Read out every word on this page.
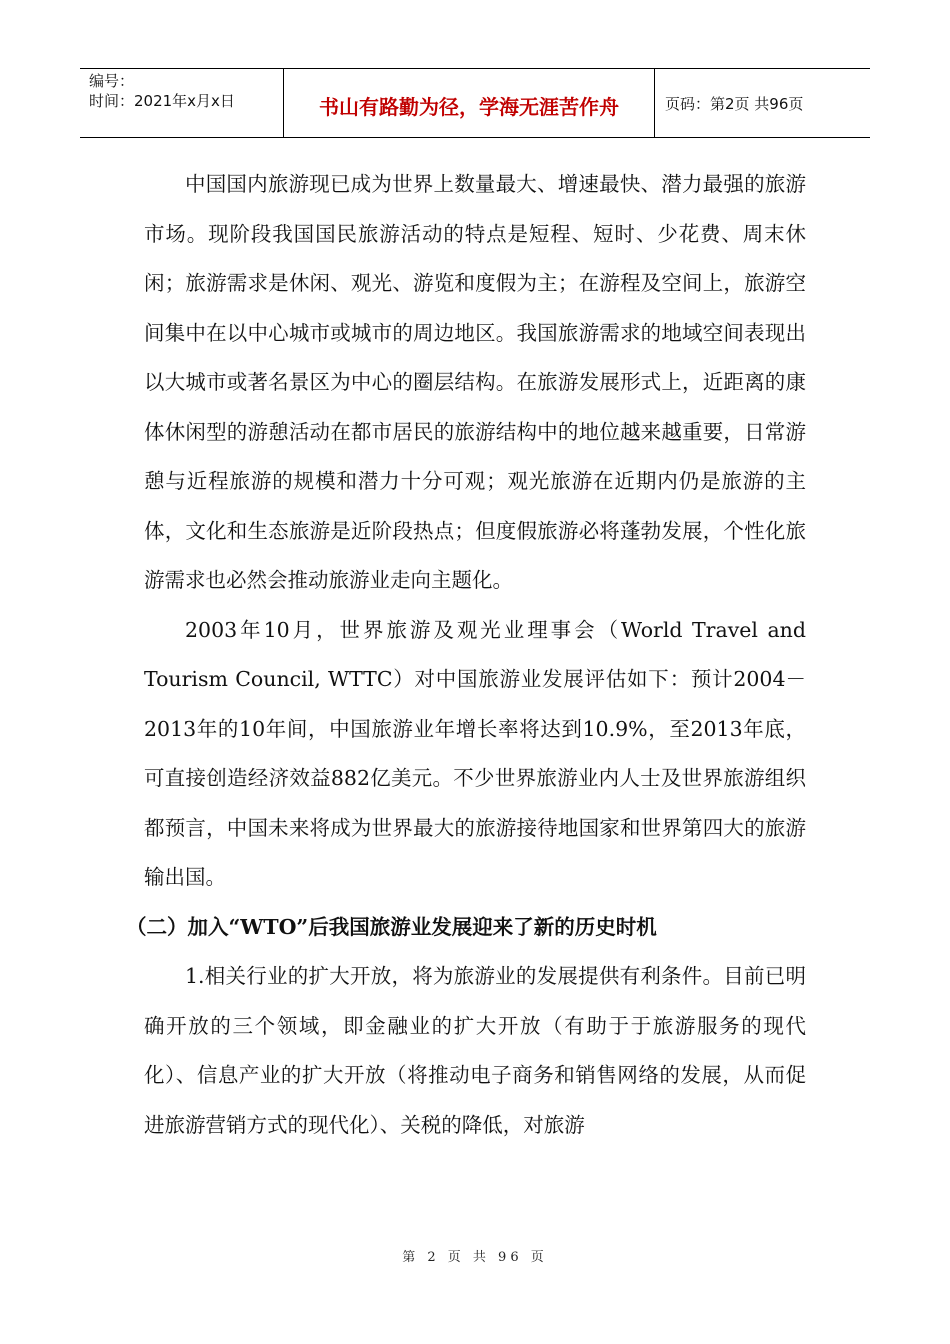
编号：
时间：2021年x月x日	书山有路勤为径，学海无涯苦作舟	页码：第2页 共96页

中国国内旅游现已成为世界上数量最大、增速最快、潜力最强的旅游市场。现阶段我国国民旅游活动的特点是短程、短时、少花费、周末休闲；旅游需求是休闲、观光、游览和度假为主；在游程及空间上，旅游空间集中在以中心城市或城市的周边地区。我国旅游需求的地域空间表现出以大城市或著名景区为中心的圈层结构。在旅游发展形式上，近距离的康体休闲型的游憩活动在都市居民的旅游结构中的地位越来越重要，日常游憩与近程旅游的规模和潜力十分可观；观光旅游在近期内仍是旅游的主体，文化和生态旅游是近阶段热点；但度假旅游必将蓬勃发展，个性化旅游需求也必然会推动旅游业走向主题化。

2003年10月，世界旅游及观光业理事会（World Travel and Tourism Council, WTTC）对中国旅游业发展评估如下：预计2004－2013年的10年间，中国旅游业年增长率将达到10.9%，至2013年底，可直接创造经济效益882亿美元。不少世界旅游业内人士及世界旅游组织都预言，中国未来将成为世界最大的旅游接待地国家和世界第四大的旅游输出国。

（二）加入“WTO”后我国旅游业发展迎来了新的历史时机

1.相关行业的扩大开放，将为旅游业的发展提供有利条件。目前已明确开放的三个领域，即金融业的扩大开放（有助于于旅游服务的现代化）、信息产业的扩大开放（将推动电子商务和销售网络的发展，从而促进旅游营销方式的现代化）、关税的降低，对旅游

第 2 页 共 96 页
